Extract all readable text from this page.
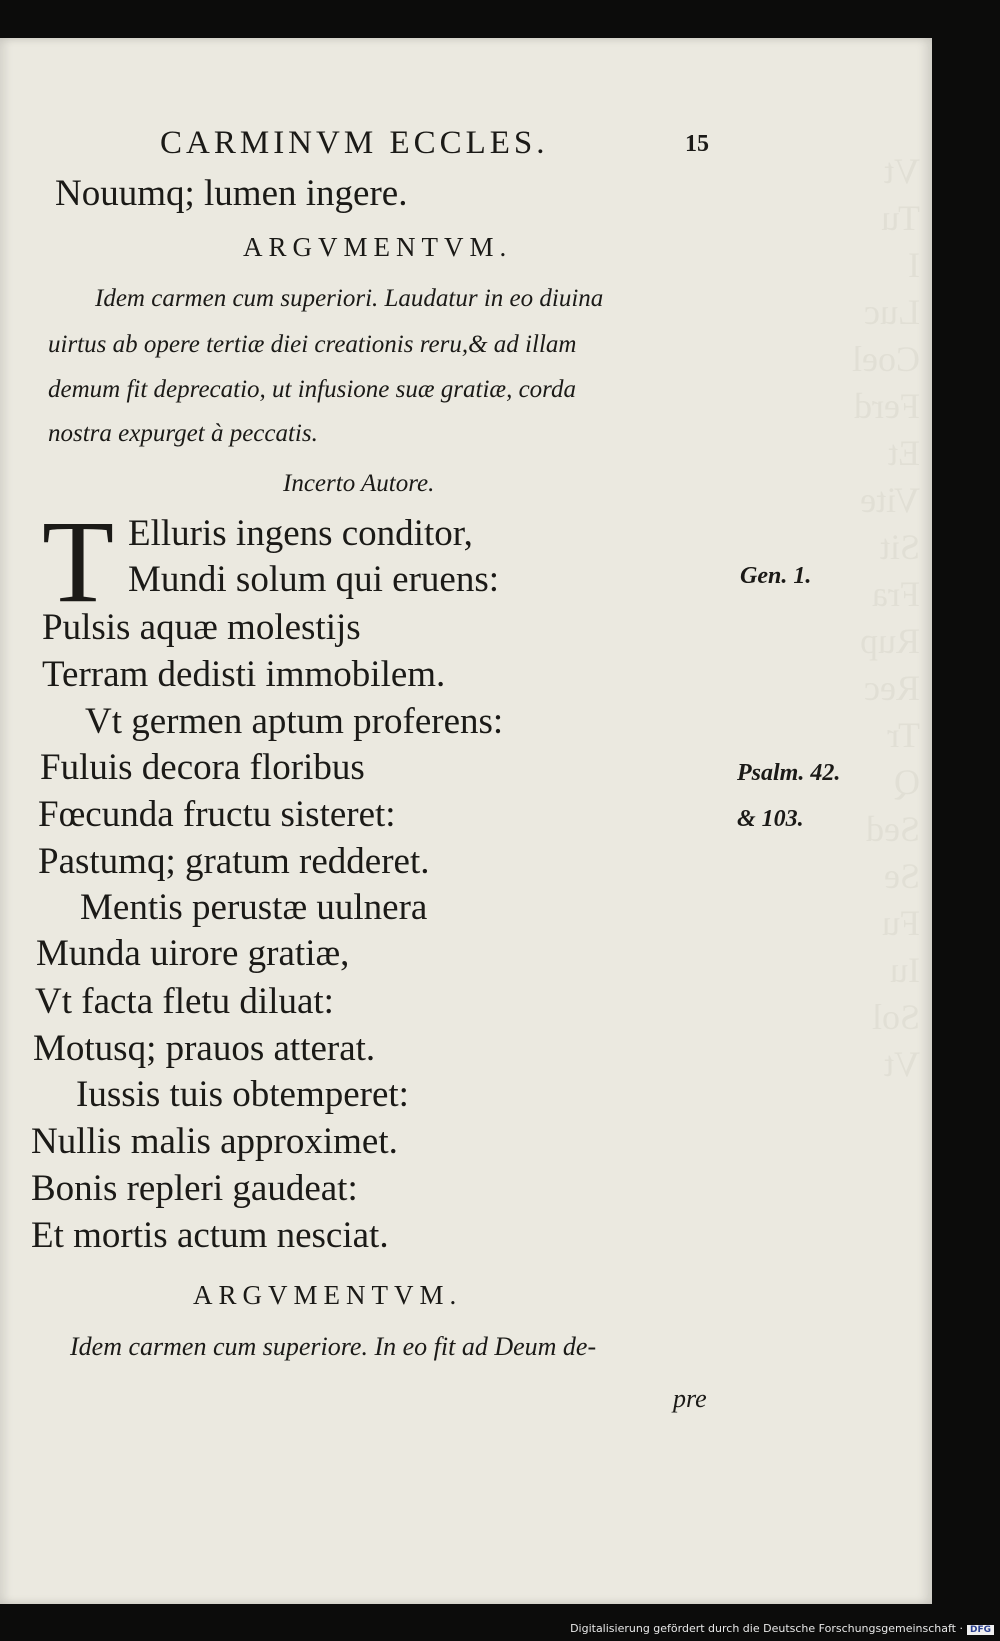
Vt
Tu
I
Luc
Coel
Ferd
Et
Vite
Sit
Fra
Rup
Rec
Tr
Q
Sed
Se
Fu
Iu
Sol
Vt
CARMINVM ECCLES.	15
Nouumq; lumen ingere.
ARGVMENTVM.
Idem carmen cum superiori. Laudatur in eo diuina
uirtus ab opere tertiæ diei creationis reru,& ad illam
demum fit deprecatio, ut infusione suæ gratiæ, corda
nostra expurget à peccatis.
Incerto Autore.
T Elluris ingens conditor,
Mundi solum qui eruens:
Pulsis aquæ molestijs
Terram dedisti immobilem.
Vt germen aptum proferens:
Fuluis decora floribus
Fœcunda fructu sisteret:
Pastumq; gratum redderet.
Mentis perustæ uulnera
Munda uirore gratiæ,
Vt facta fletu diluat:
Motusq; prauos atterat.
Iussis tuis obtemperet:
Nullis malis approximet.
Bonis repleri gaudeat:
Et mortis actum nesciat.
ARGVMENTVM.
Idem carmen cum superiore. In eo fit ad Deum de-
pre
Gen. 1.
Psalm. 42.
& 103.
Digitalisierung gefördert durch die Deutsche Forschungsgemeinschaft · DFG
